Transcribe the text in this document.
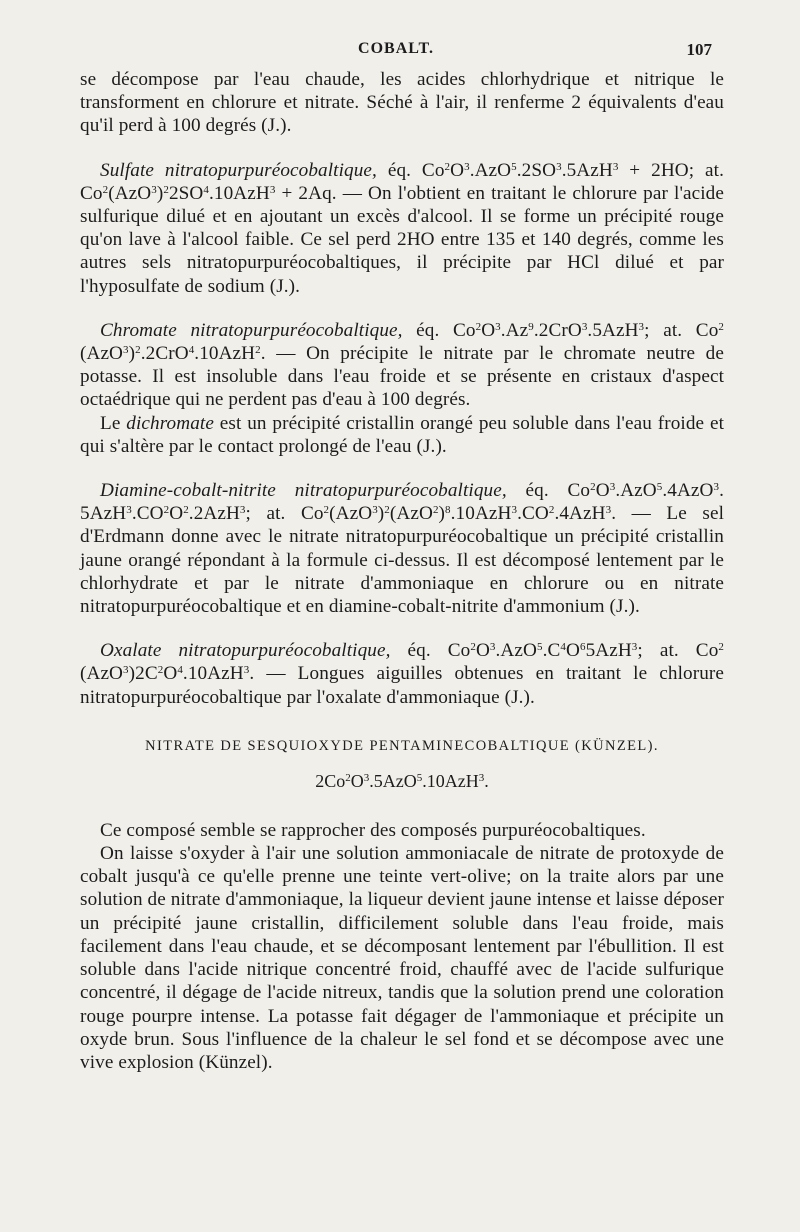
COBALT.	107

se décompose par l'eau chaude, les acides chlorhydrique et nitrique le transforment en chlorure et nitrate. Séché à l'air, il renferme 2 équivalents d'eau qu'il perd à 100 degrés (J.).

Sulfate nitratopurpuréocobaltique, éq. $Co^2O^3.AzO^5.2SO^3.5AzH^3 + 2HO$; at. $Co^2(AzO^3)^22SO^4.10AzH^3 + 2Aq$. — On l'obtient en traitant le chlorure par l'acide sulfurique dilué et en ajoutant un excès d'alcool. Il se forme un précipité rouge qu'on lave à l'alcool faible. Ce sel perd 2HO entre 135 et 140 degrés, comme les autres sels nitratopurpuréocobaltiques, il précipite par HCl dilué et par l'hyposulfate de sodium (J.).

Chromate nitratopurpuréocobaltique, éq. $Co^2O^3.Az^9.2CrO^3.5AzH^3$; at. Co$^2$ $(AzO^3)^2.2CrO^4.10AzH^2$. — On précipite le nitrate par le chromate neutre de potasse. Il est insoluble dans l'eau froide et se présente en cristaux d'aspect octaédrique qui ne perdent pas d'eau à 100 degrés.

Le dichromate est un précipité cristallin orangé peu soluble dans l'eau froide et qui s'altère par le contact prolongé de l'eau (J.).

Diamine-cobalt-nitrite nitratopurpuréocobaltique, éq. $Co^2O^3.AzO^5.4AzO^3$. $5AzH^3.CO^2O^2.2AzH^3$; at. $Co^2(AzO^3)^2(AzO^2)^8.10AzH^3.CO^2.4AzH^3$. — Le sel d'Erdmann donne avec le nitrate nitratopurpuréocobaltique un précipité cristallin jaune orangé répondant à la formule ci-dessus. Il est décomposé lentement par le chlorhydrate et par le nitrate d'ammoniaque en chlorure ou en nitrate nitratopurpuréocobaltique et en diamine-cobalt-nitrite d'ammonium (J.).

Oxalate nitratopurpuréocobaltique, éq. $Co^2O^3.AzO^5.C^4O^65AzH^3$; at. Co$^2$ $(AzO^3)2C^2O^4.10AzH^3$. — Longues aiguilles obtenues en traitant le chlorure nitratopurpuréocobaltique par l'oxalate d'ammoniaque (J.).

NITRATE DE SESQUIOXYDE PENTAMINECOBALTIQUE (KÜNZEL).
$2Co^2O^3.5AzO^5.10AzH^3$.

Ce composé semble se rapprocher des composés purpuréocobaltiques.

On laisse s'oxyder à l'air une solution ammoniacale de nitrate de protoxyde de cobalt jusqu'à ce qu'elle prenne une teinte vert-olive; on la traite alors par une solution de nitrate d'ammoniaque, la liqueur devient jaune intense et laisse déposer un précipité jaune cristallin, difficilement soluble dans l'eau froide, mais facilement dans l'eau chaude, et se décomposant lentement par l'ébullition. Il est soluble dans l'acide nitrique concentré froid, chauffé avec de l'acide sulfurique concentré, il dégage de l'acide nitreux, tandis que la solution prend une coloration rouge pourpre intense. La potasse fait dégager de l'ammoniaque et précipite un oxyde brun. Sous l'influence de la chaleur le sel fond et se décompose avec une vive explosion (Künzel).
